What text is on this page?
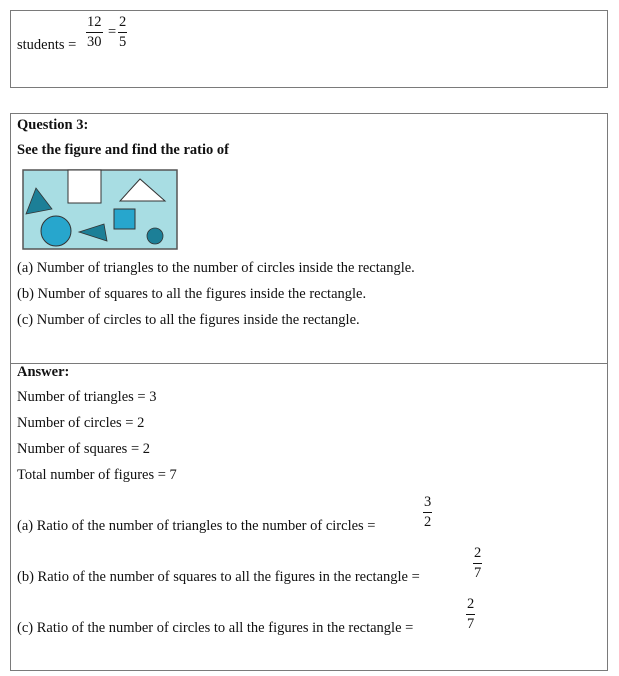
students = $\frac{12}{30} = \frac{2}{5}$
Question 3:
See the figure and find the ratio of
(a) Number of triangles to the number of circles inside the rectangle.
(b) Number of squares to all the figures inside the rectangle.
(c) Number of circles to all the figures inside the rectangle.
Answer:
Number of triangles = 3
Number of circles = 2
Number of squares = 2
Total number of figures = 7
(a) Ratio of the number of triangles to the number of circles =	$\frac{3}{2}$
(b) Ratio of the number of squares to all the figures in the rectangle =	$\frac{2}{7}$
(c) Ratio of the number of circles to all the figures in the rectangle =	$\frac{2}{7}$
